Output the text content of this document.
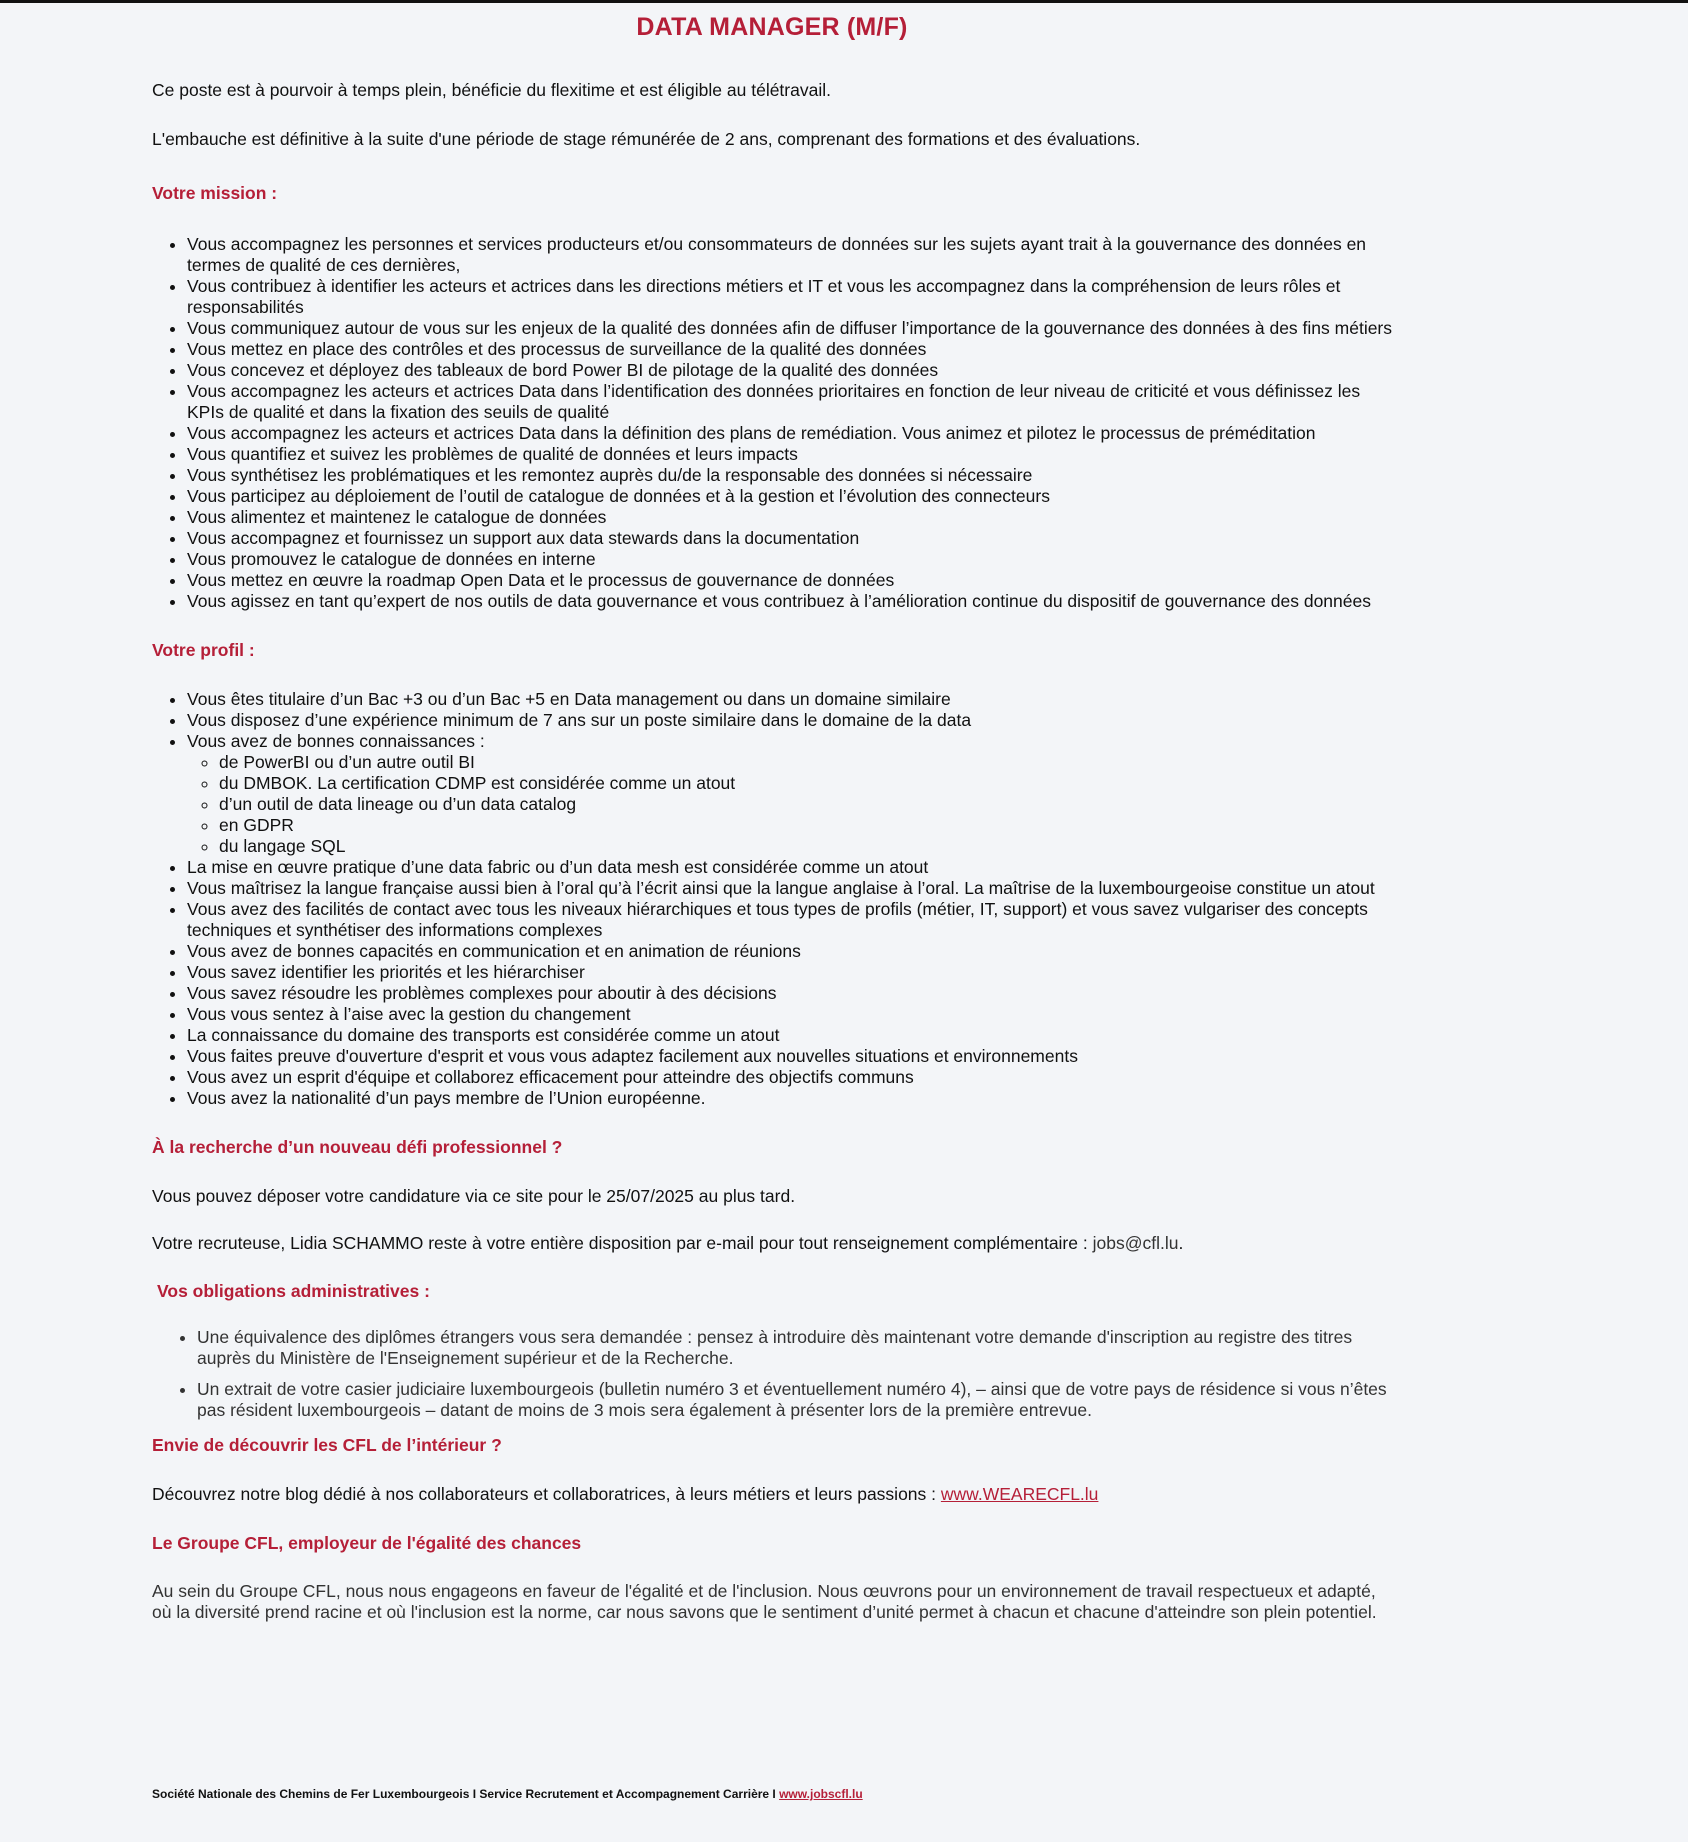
DATA MANAGER (M/F)

Ce poste est à pourvoir à temps plein, bénéficie du flexitime et est éligible au télétravail.

L'embauche est définitive à la suite d'une période de stage rémunérée de 2 ans, comprenant des formations et des évaluations.

Votre mission :
• Vous accompagnez les personnes et services producteurs et/ou consommateurs de données sur les sujets ayant trait à la gouvernance des données en termes de qualité de ces dernières,
• Vous contribuez à identifier les acteurs et actrices dans les directions métiers et IT et vous les accompagnez dans la compréhension de leurs rôles et responsabilités
• Vous communiquez autour de vous sur les enjeux de la qualité des données afin de diffuser l’importance de la gouvernance des données à des fins métiers
• Vous mettez en place des contrôles et des processus de surveillance de la qualité des données
• Vous concevez et déployez des tableaux de bord Power BI de pilotage de la qualité des données
• Vous accompagnez les acteurs et actrices Data dans l’identification des données prioritaires en fonction de leur niveau de criticité et vous définissez les KPIs de qualité et dans la fixation des seuils de qualité
• Vous accompagnez les acteurs et actrices Data dans la définition des plans de remédiation. Vous animez et pilotez le processus de préméditation
• Vous quantifiez et suivez les problèmes de qualité de données et leurs impacts
• Vous synthétisez les problématiques et les remontez auprès du/de la responsable des données si nécessaire
• Vous participez au déploiement de l’outil de catalogue de données et à la gestion et l’évolution des connecteurs
• Vous alimentez et maintenez le catalogue de données
• Vous accompagnez et fournissez un support aux data stewards dans la documentation
• Vous promouvez le catalogue de données en interne
• Vous mettez en œuvre la roadmap Open Data et le processus de gouvernance de données
• Vous agissez en tant qu’expert de nos outils de data gouvernance et vous contribuez à l’amélioration continue du dispositif de gouvernance des données
Votre profil :
• Vous êtes titulaire d’un Bac +3 ou d’un Bac +5 en Data management ou dans un domaine similaire
• Vous disposez d’une expérience minimum de 7 ans sur un poste similaire dans le domaine de la data
• Vous avez de bonnes connaissances :
◦ de PowerBI ou d’un autre outil BI
◦ du DMBOK. La certification CDMP est considérée comme un atout
◦ d’un outil de data lineage ou d’un data catalog
◦ en GDPR
◦ du langage SQL
• La mise en œuvre pratique d’une data fabric ou d’un data mesh est considérée comme un atout
• Vous maîtrisez la langue française aussi bien à l’oral qu’à l’écrit ainsi que la langue anglaise à l’oral. La maîtrise de la luxembourgeoise constitue un atout
• Vous avez des facilités de contact avec tous les niveaux hiérarchiques et tous types de profils (métier, IT, support) et vous savez vulgariser des concepts techniques et synthétiser des informations complexes
• Vous avez de bonnes capacités en communication et en animation de réunions
• Vous savez identifier les priorités et les hiérarchiser
• Vous savez résoudre les problèmes complexes pour aboutir à des décisions
• Vous vous sentez à l’aise avec la gestion du changement
• La connaissance du domaine des transports est considérée comme un atout
• Vous faites preuve d'ouverture d'esprit et vous vous adaptez facilement aux nouvelles situations et environnements
• Vous avez un esprit d'équipe et collaborez efficacement pour atteindre des objectifs communs
• Vous avez la nationalité d’un pays membre de l’Union européenne.
À la recherche d’un nouveau défi professionnel ?

Vous pouvez déposer votre candidature via ce site pour le 25/07/2025 au plus tard.

Votre recruteuse, Lidia SCHAMMO reste à votre entière disposition par e-mail pour tout renseignement complémentaire : jobs@cfl.lu.

Vos obligations administratives :
• Une équivalence des diplômes étrangers vous sera demandée : pensez à introduire dès maintenant votre demande d'inscription au registre des titres auprès du Ministère de l'Enseignement supérieur et de la Recherche.
• Un extrait de votre casier judiciaire luxembourgeois (bulletin numéro 3 et éventuellement numéro 4), – ainsi que de votre pays de résidence si vous n’êtes pas résident luxembourgeois – datant de moins de 3 mois sera également à présenter lors de la première entrevue.
Envie de découvrir les CFL de l’intérieur ?

Découvrez notre blog dédié à nos collaborateurs et collaboratrices, à leurs métiers et leurs passions : www.WEARECFL.lu

Le Groupe CFL, employeur de l'égalité des chances

Au sein du Groupe CFL, nous nous engageons en faveur de l'égalité et de l'inclusion. Nous œuvrons pour un environnement de travail respectueux et adapté, où la diversité prend racine et où l'inclusion est la norme, car nous savons que le sentiment d’unité permet à chacun et chacune d'atteindre son plein potentiel.

Société Nationale des Chemins de Fer Luxembourgeois I Service Recrutement et Accompagnement Carrière I www.jobscfl.lu
